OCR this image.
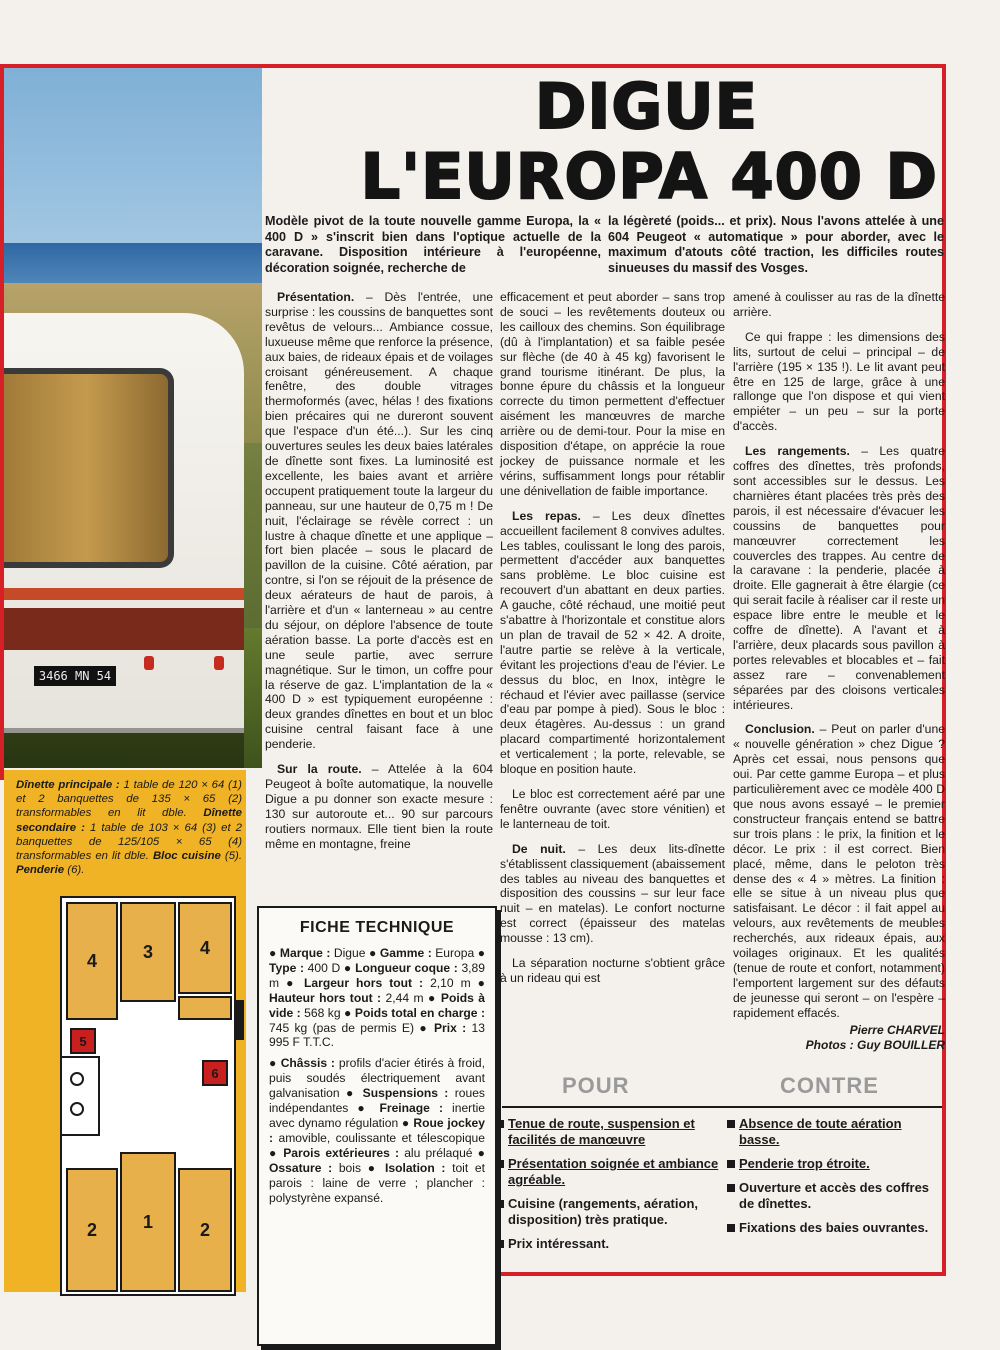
3466 MN 54
DIGUE
L'EUROPA 400 D

Modèle pivot de la toute nouvelle gamme Europa, la « 400 D » s'inscrit bien dans l'optique actuelle de la caravane. Disposition intérieure à l'européenne, décoration soignée, recherche de

la légèreté (poids... et prix). Nous l'avons attelée à une 604 Peugeot « automatique » pour aborder, avec le maximum d'atouts côté traction, les difficiles routes sinueuses du massif des Vosges.

Présentation. – Dès l'entrée, une surprise : les coussins de banquettes sont revêtus de velours... Ambiance cossue, luxueuse même que renforce la présence, aux baies, de rideaux épais et de voilages croisant généreusement. A chaque fenêtre, des double vitrages thermoformés (avec, hélas ! des fixations bien précaires qui ne dureront souvent que l'espace d'un été...). Sur les cinq ouvertures seules les deux baies latérales de dînette sont fixes. La luminosité est excellente, les baies avant et arrière occupent pratiquement toute la largeur du panneau, sur une hauteur de 0,75 m ! De nuit, l'éclairage se révèle correct : un lustre à chaque dînette et une applique – fort bien placée – sous le placard de pavillon de la cuisine. Côté aération, par contre, si l'on se réjouit de la présence de deux aérateurs de haut de parois, à l'arrière et d'un « lanterneau » au centre du séjour, on déplore l'absence de toute aération basse. La porte d'accès est en une seule partie, avec serrure magnétique. Sur le timon, un coffre pour la réserve de gaz. L'implantation de la « 400 D » est typiquement européenne : deux grandes dînettes en bout et un bloc cuisine central faisant face à une penderie.

Sur la route. – Attelée à la 604 Peugeot à boîte automatique, la nouvelle Digue a pu donner son exacte mesure : 130 sur autoroute et... 90 sur parcours routiers normaux. Elle tient bien la route même en montagne, freine

efficacement et peut aborder – sans trop de souci – les revêtements douteux ou les cailloux des chemins. Son équilibrage (dû à l'implantation) et sa faible pesée sur flèche (de 40 à 45 kg) favorisent le grand tourisme itinérant. De plus, la bonne épure du châssis et la longueur correcte du timon permettent d'effectuer aisément les manœuvres de marche arrière ou de demi-tour. Pour la mise en disposition d'étape, on apprécie la roue jockey de puissance normale et les vérins, suffisamment longs pour rétablir une dénivellation de faible importance.

Les repas. – Les deux dînettes accueillent facilement 8 convives adultes. Les tables, coulissant le long des parois, permettent d'accéder aux banquettes sans problème. Le bloc cuisine est recouvert d'un abattant en deux parties. A gauche, côté réchaud, une moitié peut s'abattre à l'horizontale et constitue alors un plan de travail de 52 × 42. A droite, l'autre partie se relève à la verticale, évitant les projections d'eau de l'évier. Le dessus du bloc, en Inox, intègre le réchaud et l'évier avec paillasse (service d'eau par pompe à pied). Sous le bloc : deux étagères. Au-dessus : un grand placard compartimenté horizontalement et verticalement ; la porte, relevable, se bloque en position haute.

Le bloc est correctement aéré par une fenêtre ouvrante (avec store vénitien) et le lanterneau de toit.

De nuit. – Les deux lits-dînette s'établissent classiquement (abaissement des tables au niveau des banquettes et disposition des coussins – sur leur face nuit – en matelas). Le confort nocturne est correct (épaisseur des matelas mousse : 13 cm).

La séparation nocturne s'obtient grâce à un rideau qui est

amené à coulisser au ras de la dînette arrière.

Ce qui frappe : les dimensions des lits, surtout de celui – principal – de l'arrière (195 × 135 !). Le lit avant peut être en 125 de large, grâce à une rallonge que l'on dispose et qui vient empiéter – un peu – sur la porte d'accès.

Les rangements. – Les quatre coffres des dînettes, très profonds, sont accessibles sur le dessus. Les charnières étant placées très près des parois, il est nécessaire d'évacuer les coussins de banquettes pour manœuvrer correctement les couvercles des trappes. Au centre de la caravane : la penderie, placée à droite. Elle gagnerait à être élargie (ce qui serait facile à réaliser car il reste un espace libre entre le meuble et le coffre de dînette). A l'avant et à l'arrière, deux placards sous pavillon à portes relevables et blocables et – fait assez rare – convenablement séparées par des cloisons verticales intérieures.

Conclusion. – Peut on parler d'une « nouvelle génération » chez Digue ? Après cet essai, nous pensons que oui. Par cette gamme Europa – et plus particulièrement avec ce modèle 400 D que nous avons essayé – le premier constructeur français entend se battre sur trois plans : le prix, la finition et le décor. Le prix : il est correct. Bien placé, même, dans le peloton très dense des « 4 » mètres. La finition : elle se situe à un niveau plus que satisfaisant. Le décor : il fait appel au velours, aux revêtements de meubles recherchés, aux rideaux épais, aux voilages originaux. Et les qualités (tenue de route et confort, notamment) l'emportent largement sur des défauts de jeunesse qui seront – on l'espère – rapidement effacés.

Pierre CHARVEL
Photos : Guy BOUILLER

Dînette principale : 1 table de 120 × 64 (1) et 2 banquettes de 135 × 65 (2) transformables en lit dble. Dînette secondaire : 1 table de 103 × 64 (3) et 2 banquettes de 125/105 × 65 (4) transformables en lit dble. Bloc cuisine (5). Penderie (6).

4	3	4
5
6
2	1	2
FICHE TECHNIQUE

● Marque : Digue ● Gamme : Europa ● Type : 400 D ● Longueur coque : 3,89 m ● Largeur hors tout : 2,10 m ● Hauteur hors tout : 2,44 m ● Poids à vide : 568 kg ● Poids total en charge : 745 kg (pas de permis E) ● Prix : 13 995 F T.T.C.

● Châssis : profils d'acier étirés à froid, puis soudés électriquement avant galvanisation ● Suspensions : roues indépendantes ● Freinage : inertie avec dynamo régulation ● Roue jockey : amovible, coulissante et télescopique ● Parois extérieures : alu prélaqué ● Ossature : bois ● Isolation : toit et parois : laine de verre ; plancher : polystyrène expansé.

POUR	CONTRE
Tenue de route, suspension et facilités de manœuvre
Présentation soignée et ambiance agréable.
Cuisine (rangements, aération, disposition) très pratique.
Prix intéressant.
Absence de toute aération basse.
Penderie trop étroite.
Ouverture et accès des coffres de dînettes.
Fixations des baies ouvrantes.
